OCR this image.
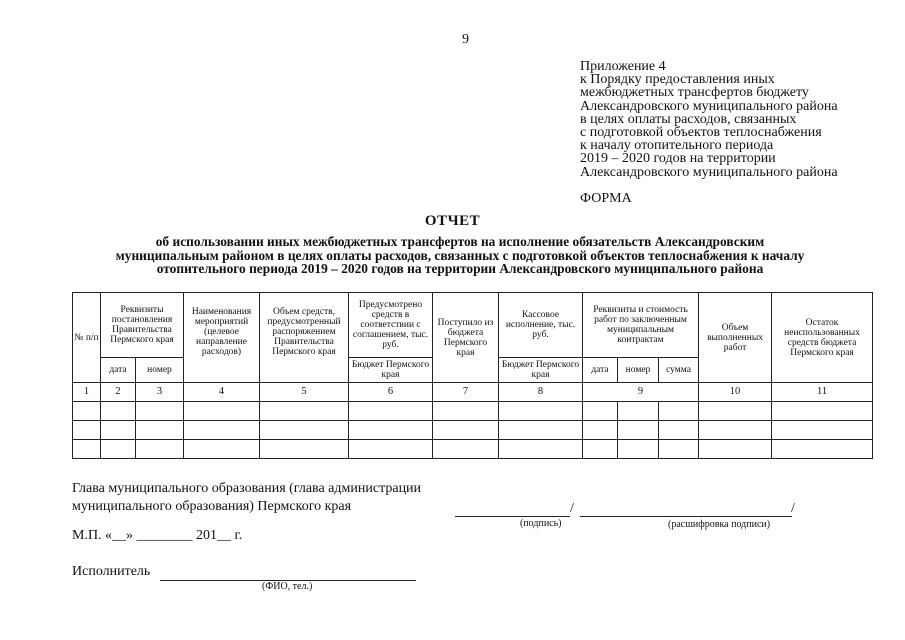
9
Приложение 4
к Порядку предоставления иных
межбюджетных трансфертов бюджету
Александровского муниципального района
в целях оплаты расходов, связанных
с подготовкой объектов теплоснабжения
к началу отопительного периода
2019 – 2020 годов на территории
Александровского муниципального района
ФОРМА
ОТЧЕТ
об использовании иных межбюджетных трансфертов на исполнение обязательств Александровским
муниципальным районом в целях оплаты расходов, связанных с подготовкой объектов теплоснабжения к началу
отопительного периода 2019 – 2020 годов на территории Александровского муниципального района
№ п/п	Реквизиты постановления Правительства Пермского края		Наименования мероприятий (целевое направление расходов)	Объем средств, предусмотренный распоряжением Правительства Пермского края	Предусмотрено средств в соответствии с соглашением, тыс. руб.	Поступило из бюджета Пермского края	Кассовое исполнение, тыс. руб.	Реквизиты и стоимость работ по заключенным муниципальным контрактам			Объем выполненных работ	Остаток неиспользованных средств бюджета Пермского края
	дата	номер			Бюджет Пермского края		Бюджет Пермского края	дата	номер	сумма		
1	2	3	4	5	6	7	8	9			10	11

Глава муниципального образования (глава администрации
муниципального образования) Пермского края	/	/
(подпись)	(расшифровка подписи)
М.П. «__» ________ 201__ г.
Исполнитель
(ФИО, тел.)
